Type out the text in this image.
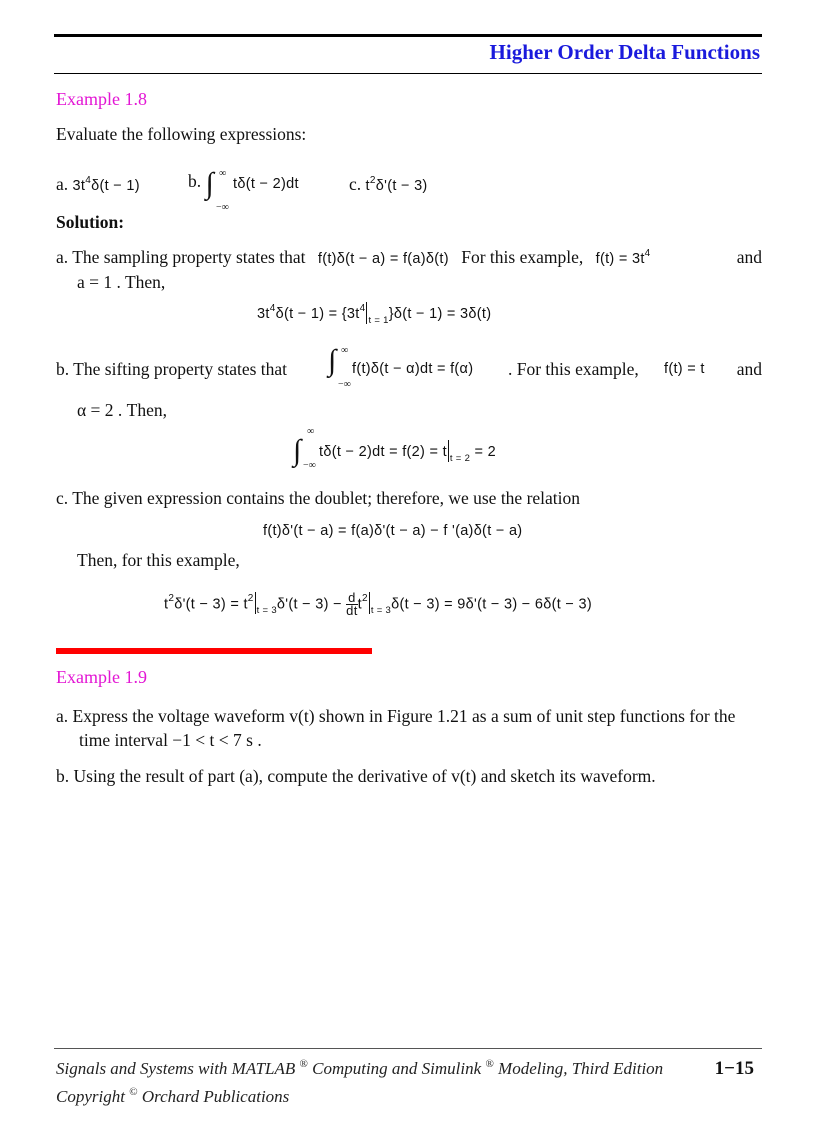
Higher Order Delta Functions
Example 1.8
Evaluate the following expressions:
a. $3t^4\delta(t - 1)$	b. ∫ ∞
−∞
tδ(t − 2)dt	c. $t^2\delta'(t - 3)$
Solution:
a. The sampling property states that f(t)δ(t − a) = f(a)δ(t) For this example, $f(t) = 3t^4$	and
a = 1 . Then,
$3t^4\delta(t - 1) = \{3t^4_{t = 1}\}\delta(t - 1) = 3\delta(t)$
b. The sifting property states that ∫ ∞
−∞
f(t)δ(t − α)dt = f(α) . For this example, f(t) = t and
α = 2 . Then,
∫
∞
−∞
tδ(t − 2)dt = f(2) = t $_{t = 2}$ = 2
c. The given expression contains the doublet; therefore, we use the relation
f(t)δ'(t − a) = f(a)δ'(t − a) − f '(a)δ(t − a)
Then, for this example,
$t^2\delta'(t - 3) = t^2_{t = 3}\delta'(t - 3) - \frac{d}{dt} t^2_{t = 3}\delta(t - 3) = 9\delta'(t - 3) - 6\delta(t - 3)$
Example 1.9
a. Express the voltage waveform v(t) shown in Figure 1.21 as a sum of unit step functions for the
time interval −1 < t < 7 s .
b. Using the result of part (a), compute the derivative of v(t) and sketch its waveform.
Signals and Systems with MATLAB ® Computing and Simulink ® Modeling, Third Edition	1−15
Copyright © Orchard Publications
